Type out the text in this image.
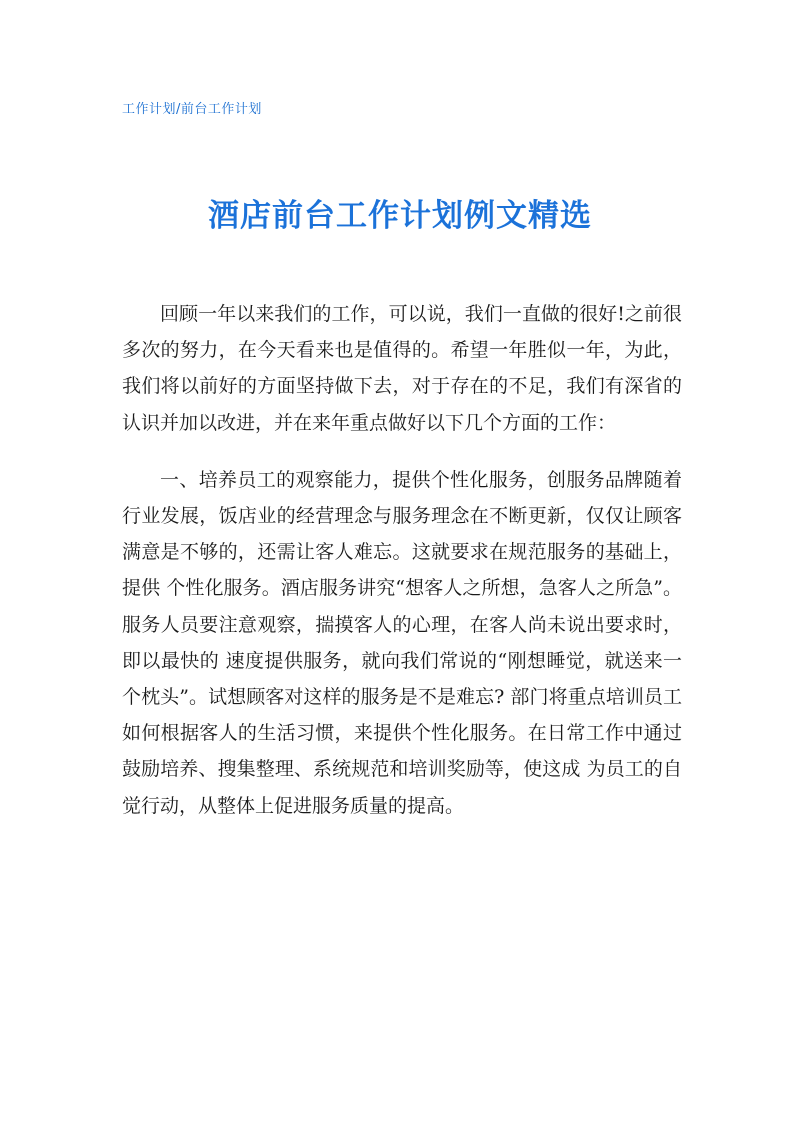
工作计划/前台工作计划
酒店前台工作计划例文精选

回顾一年以来我们的工作，可以说，我们一直做的很好!之前很多次的努力，在今天看来也是值得的。希望一年胜似一年，为此，我们将以前好的方面坚持做下去，对于存在的不足，我们有深省的认识并加以改进，并在来年重点做好以下几个方面的工作：

一、培养员工的观察能力，提供个性化服务，创服务品牌随着行业发展，饭店业的经营理念与服务理念在不断更新，仅仅让顾客满意是不够的，还需让客人难忘。这就要求在规范服务的基础上，提供 个性化服务。酒店服务讲究“想客人之所想，急客人之所急”。服务人员要注意观察，揣摸客人的心理，在客人尚未说出要求时，即以最快的 速度提供服务，就向我们常说的“刚想睡觉，就送来一个枕头”。试想顾客对这样的服务是不是难忘? 部门将重点培训员工如何根据客人的生活习惯，来提供个性化服务。在日常工作中通过鼓励培养、搜集整理、系统规范和培训奖励等，使这成 为员工的自觉行动，从整体上促进服务质量的提高。
